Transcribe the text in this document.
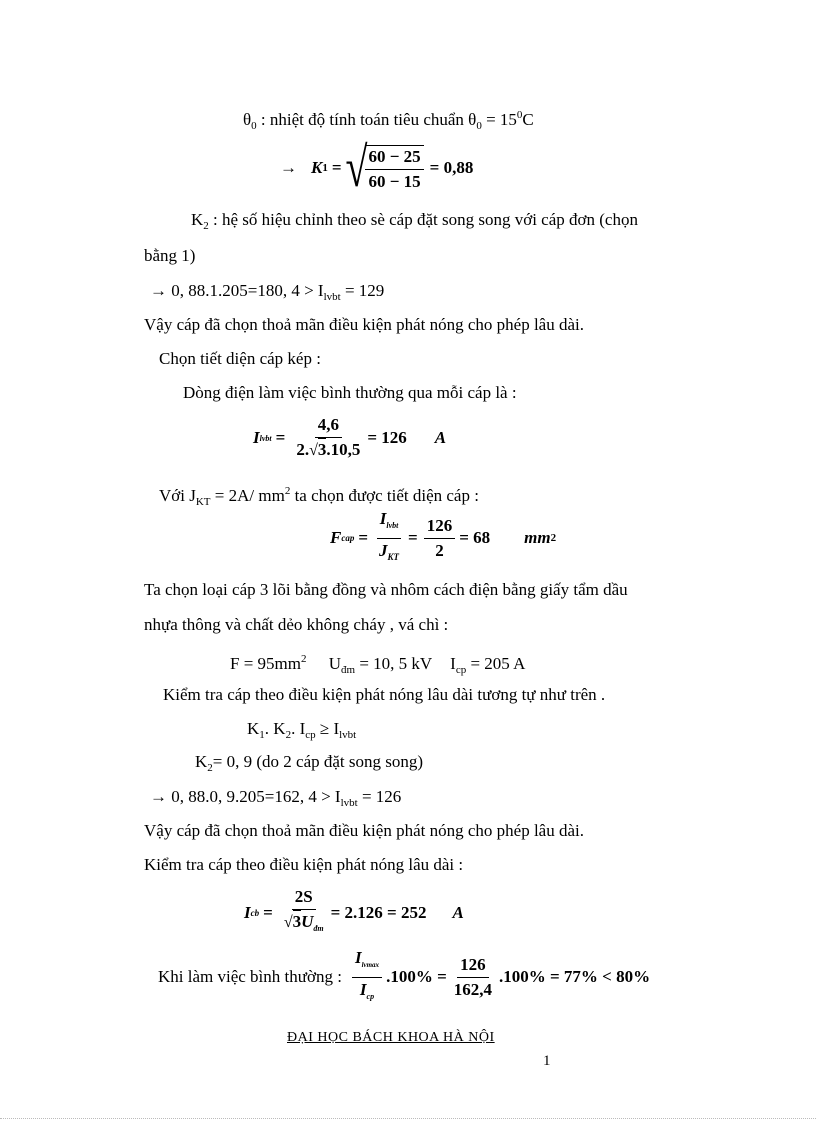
$\theta_0$ : nhiệt độ tính toán tiêu chuẩn $\theta_0 = 15^0C$
→ K 1 = √
$\frac{60 - 25}{60 - 15} = 0,88$
$K_2$ : hệ số hiệu chỉnh theo sè cáp đặt song song với cáp đơn (chọn
bằng 1)
→ 0, 88.1.205=180, $4 > I_{lvbt} = 129$
Vậy cáp đã chọn thoả mãn điều kiện phát nóng cho phép lâu dài.
Chọn tiết diện cáp kép :
Dòng điện làm việc bình thường qua mỗi cáp là :
I lvbt = $\frac{4,6}{2.√3.10,5} = 126$ A
Với $J_{KT} = 2A/$ $mm^2$ ta chọn được tiết diện cáp :
F cap = $\frac{I_{lvbt}}{J_{KT}} = \frac{126}{2} = 68$ mm 2
Ta chọn loại cáp 3 lõi bằng đồng và nhôm cách điện bằng giấy tẩm dầu
nhựa thông và chất dẻo không cháy , vá chì :
$F = 95mm^2$ $U_{đm} = 10$, 5 kV $I_{cp} = 205$ A
Kiểm tra cáp theo điều kiện phát nóng lâu dài tương tự như trên .
$K_1$. $K_2$. $I_{cp} \ge I_{lvbt}$
$K_2= 0$, 9 (do 2 cáp đặt song song)
→ 0, 88.0, 9.205=162, $4 > I_{lvbt} = 126$
Vậy cáp đã chọn thoả mãn điều kiện phát nóng cho phép lâu dài.
Kiểm tra cáp theo điều kiện phát nóng lâu dài :
I cb = $\frac{2S}{√3U_{đm}} = 2.126 = 252$ A
Khi làm việc bình thường : $\frac{I_{lvmax}}{I_{cp}} .100\% = \frac{126}{162,4} .100\% = 77\% < 80\%$
ĐẠI HỌC BÁCH KHOA HÀ NỘI
1
